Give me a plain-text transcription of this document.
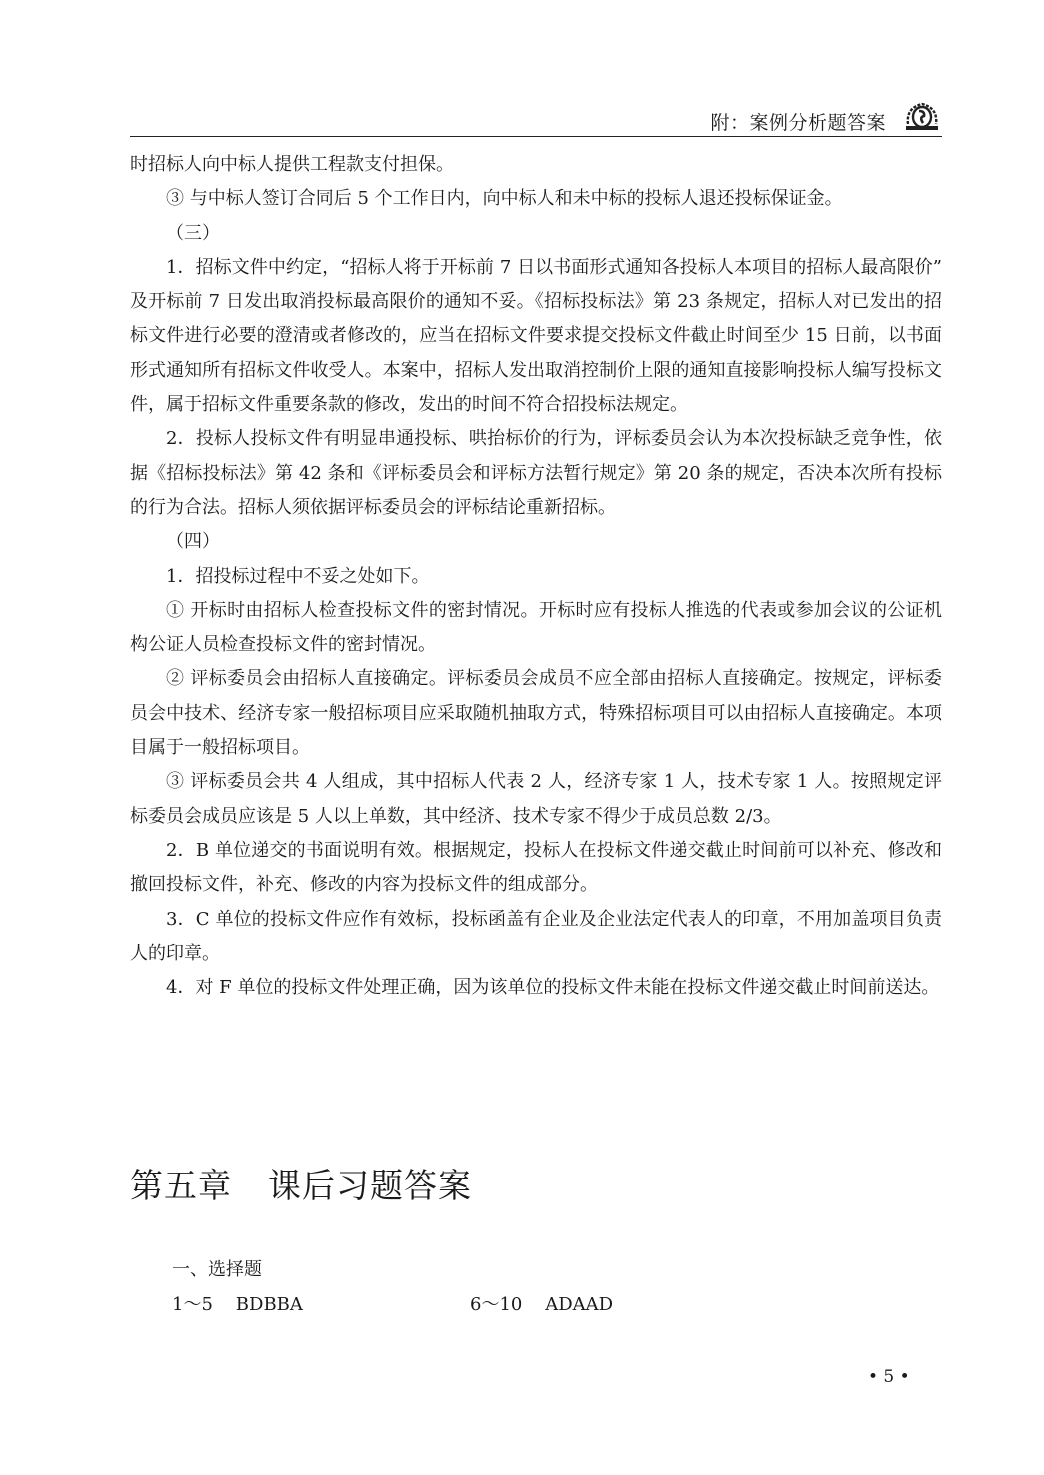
附：案例分析题答案

时招标人向中标人提供工程款支付担保。

③ 与中标人签订合同后 5 个工作日内，向中标人和未中标的投标人退还投标保证金。

（三）

1．招标文件中约定，“招标人将于开标前 7 日以书面形式通知各投标人本项目的招标人最高限价” 及开标前 7 日发出取消投标最高限价的通知不妥。《招标投标法》第 23 条规定，招标人对已发出的招标文件进行必要的澄清或者修改的，应当在招标文件要求提交投标文件截止时间至少 15 日前，以书面形式通知所有招标文件收受人。本案中，招标人发出取消控制价上限的通知直接影响投标人编写投标文件，属于招标文件重要条款的修改，发出的时间不符合招投标法规定。

2．投标人投标文件有明显串通投标、哄抬标价的行为，评标委员会认为本次投标缺乏竞争性，依据《招标投标法》第 42 条和《评标委员会和评标方法暂行规定》第 20 条的规定，否决本次所有投标的行为合法。招标人须依据评标委员会的评标结论重新招标。

（四）

1．招投标过程中不妥之处如下。

① 开标时由招标人检查投标文件的密封情况。开标时应有投标人推选的代表或参加会议的公证机构公证人员检查投标文件的密封情况。

② 评标委员会由招标人直接确定。评标委员会成员不应全部由招标人直接确定。按规定，评标委员会中技术、经济专家一般招标项目应采取随机抽取方式，特殊招标项目可以由招标人直接确定。本项目属于一般招标项目。

③ 评标委员会共 4 人组成，其中招标人代表 2 人，经济专家 1 人，技术专家 1 人。按照规定评标委员会成员应该是 5 人以上单数，其中经济、技术专家不得少于成员总数 2/3。

2．B 单位递交的书面说明有效。根据规定，投标人在投标文件递交截止时间前可以补充、修改和撤回投标文件，补充、修改的内容为投标文件的组成部分。

3．C 单位的投标文件应作有效标，投标函盖有企业及企业法定代表人的印章，不用加盖项目负责人的印章。

4．对 F 单位的投标文件处理正确，因为该单位的投标文件未能在投标文件递交截止时间前送达。

第五章 课后习题答案
一、选择题
1～5 BDBBA	6～10 ADAAD
• 5 •
